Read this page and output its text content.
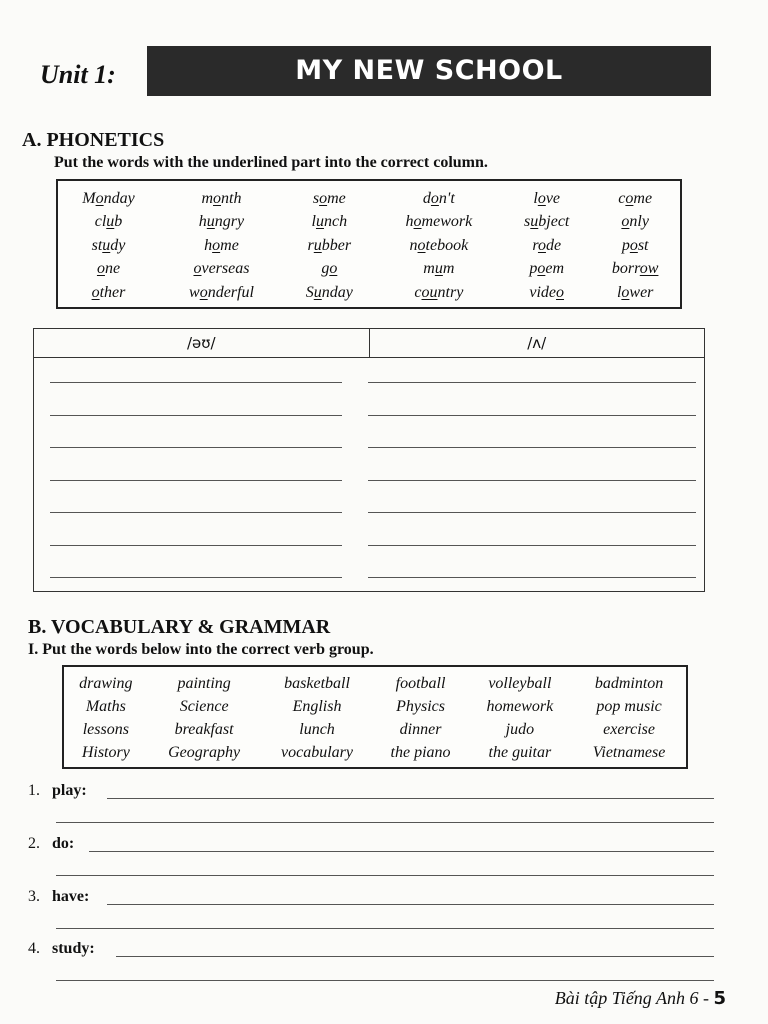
Unit 1:	MY NEW SCHOOL
A. PHONETICS
Put the words with the underlined part into the correct column.
Monday	month	some	don't	love	come
club	hungry	lunch	homework	subject	only
study	home	rubber	notebook	rode	post
one	overseas	go	mum	poem	borrow
other	wonderful	Sunday	country	video	lower
/əʊ/	/ʌ/
B. VOCABULARY & GRAMMAR
I. Put the words below into the correct verb group.
drawing	painting	basketball	football	volleyball	badminton
Maths	Science	English	Physics	homework	pop music
lessons	breakfast	lunch	dinner	judo	exercise
History	Geography	vocabulary	the piano	the guitar	Vietnamese
1. play:
2. do:
3. have:
4. study:
Bài tập Tiếng Anh 6 - 5
